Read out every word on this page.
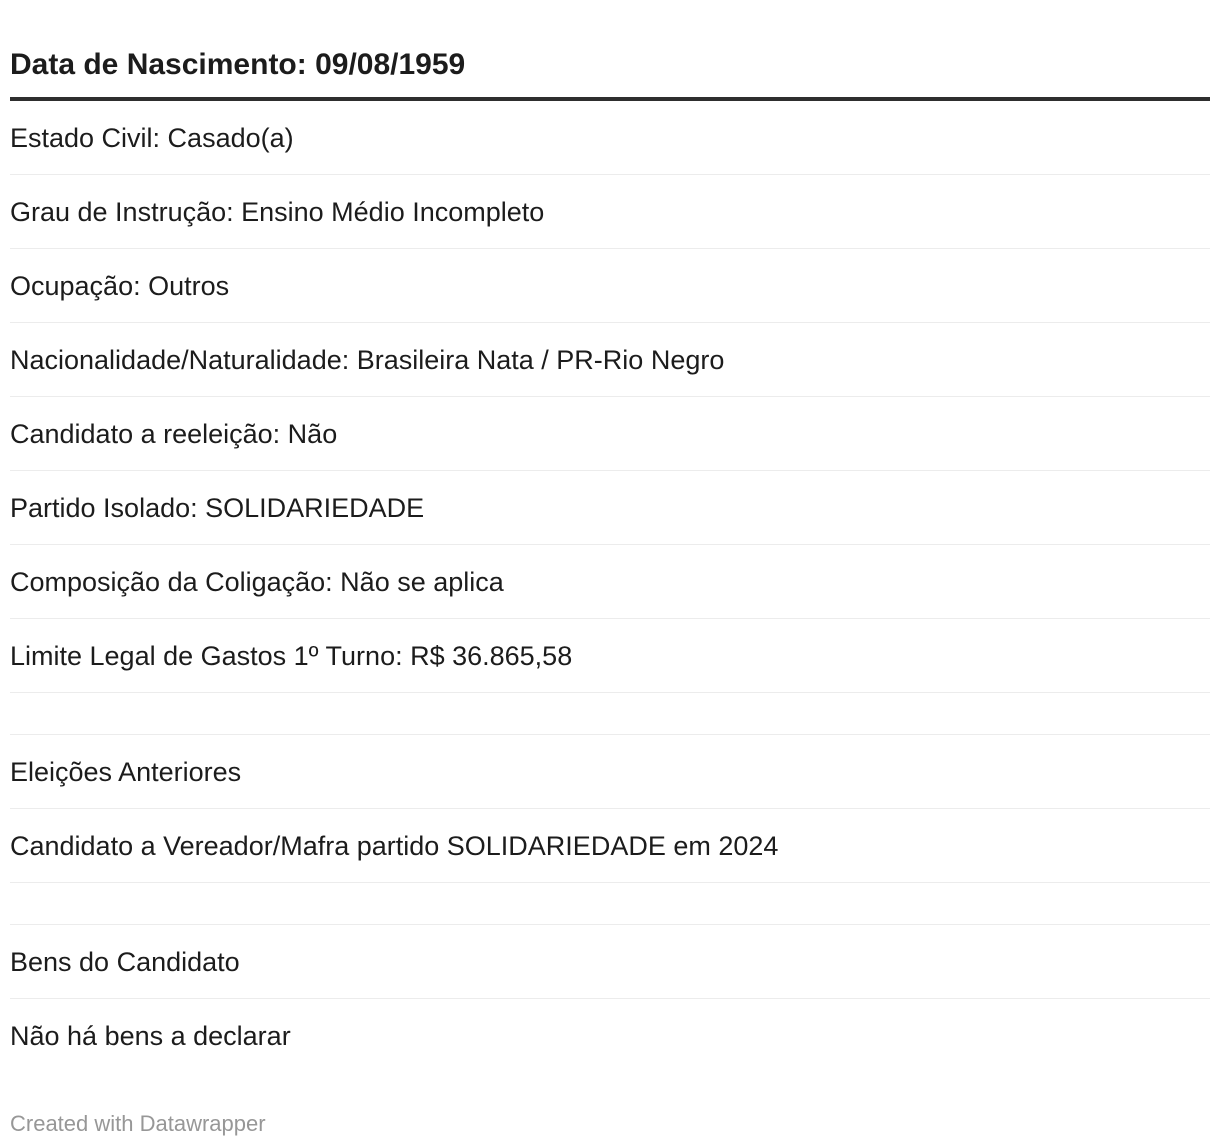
Data de Nascimento: 09/08/1959
Estado Civil: Casado(a)
Grau de Instrução: Ensino Médio Incompleto
Ocupação: Outros
Nacionalidade/Naturalidade: Brasileira Nata / PR-Rio Negro
Candidato a reeleição: Não
Partido Isolado: SOLIDARIEDADE
Composição da Coligação: Não se aplica
Limite Legal de Gastos 1º Turno: R$ 36.865,58
Eleições Anteriores
Candidato a Vereador/Mafra partido SOLIDARIEDADE em 2024
Bens do Candidato
Não há bens a declarar
Created with Datawrapper
